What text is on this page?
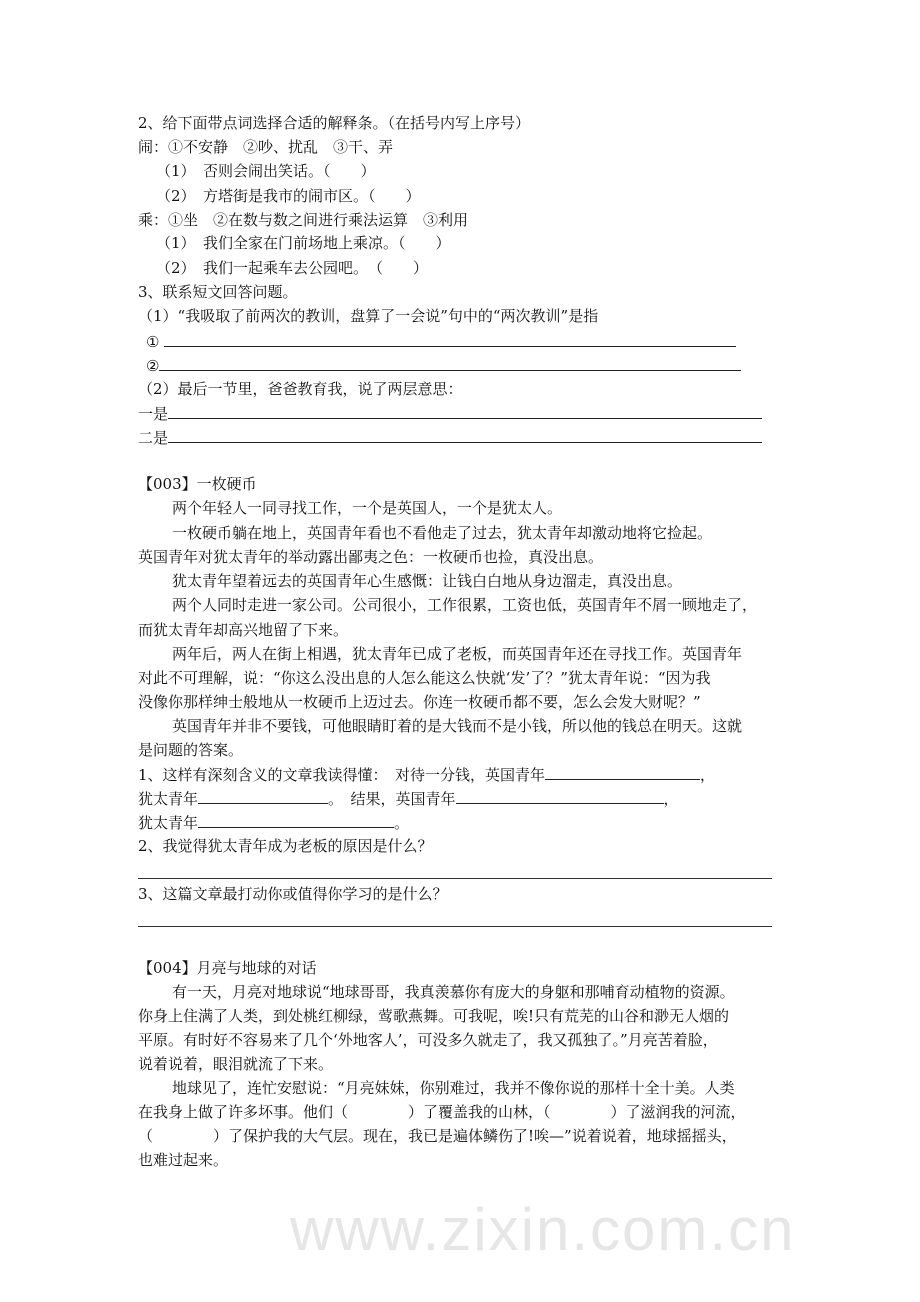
2、给下面带点词选择合适的解释条。（在括号内写上序号）
闹：①不安静　②吵、扰乱　③干、弄
（1）　否则会闹出笑话。（　　）
（2）　方塔街是我市的闹市区。（　　）
乘：①坐　②在数与数之间进行乘法运算　③利用
（1）　我们全家在门前场地上乘凉。（　　）
（2）　我们一起乘车去公园吧。　（　　）
3、联系短文回答问题。
（1）“我吸取了前两次的教训，盘算了一会说”句中的“两次教训”是指
①
②
（2）最后一节里，爸爸教育我，说了两层意思：
一是
二是
【003】一枚硬币
两个年轻人一同寻找工作，一个是英国人，一个是犹太人。
一枚硬币躺在地上，英国青年看也不看他走了过去，犹太青年却激动地将它捡起。
英国青年对犹太青年的举动露出鄙夷之色：一枚硬币也捡，真没出息。
犹太青年望着远去的英国青年心生感慨：让钱白白地从身边溜走，真没出息。
两个人同时走进一家公司。公司很小，工作很累，工资也低，英国青年不屑一顾地走了，
而犹太青年却高兴地留了下来。
两年后，两人在街上相遇，犹太青年已成了老板，而英国青年还在寻找工作。英国青年
对此不可理解，说：“你这么没出息的人怎么能这么快就‘发’了？”犹太青年说：“因为我
没像你那样绅士般地从一枚硬币上迈过去。你连一枚硬币都不要，怎么会发大财呢？”
英国青年并非不要钱，可他眼睛盯着的是大钱而不是小钱，所以他的钱总在明天。这就
是问题的答案。
1、这样有深刻含义的文章我读得懂：　对待一分钱，英国青年	，
犹太青年	。　结果，英国青年	，
犹太青年	。
2、我觉得犹太青年成为老板的原因是什么？
3、这篇文章最打动你或值得你学习的是什么？
【004】月亮与地球的对话
有一天，月亮对地球说“地球哥哥，我真羡慕你有庞大的身躯和那哺育动植物的资源。
你身上住满了人类，到处桃红柳绿，莺歌燕舞。可我呢，唉!只有荒芜的山谷和渺无人烟的
平原。有时好不容易来了几个‘外地客人’，可没多久就走了，我又孤独了。”月亮苦着脸，
说着说着，眼泪就流了下来。
地球见了，连忙安慰说：“月亮妹妹，你别难过，我并不像你说的那样十全十美。人类
在我身上做了许多坏事。他们（　　　　）了覆盖我的山林，（　　　　）了滋润我的河流，
（　　　　）了保护我的大气层。现在，我已是遍体鳞伤了!唉—”说着说着，地球摇摇头，
也难过起来。
www.zixin.com.cn
